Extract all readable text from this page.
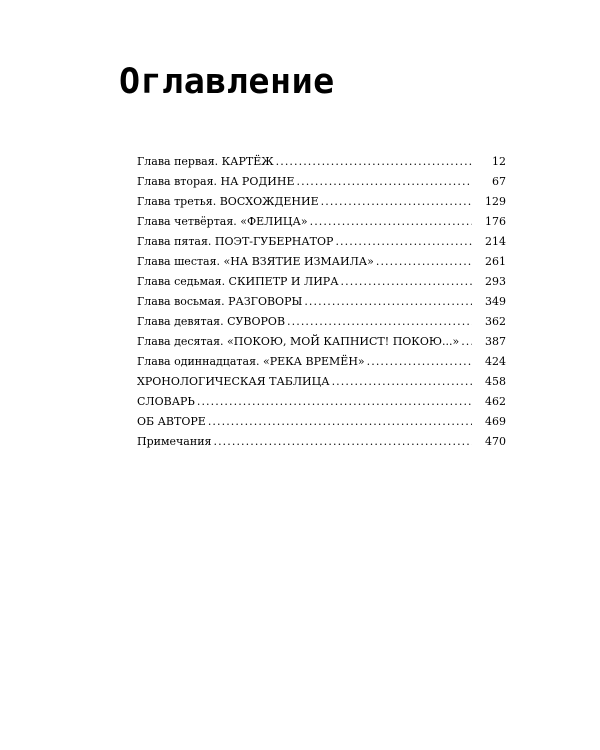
Оглавление
Глава первая. КАРТЁЖ .....	12
Глава вторая. НА РОДИНЕ .....	67
Глава третья. ВОСХОЖДЕНИЕ .....	129
Глава четвёртая. «ФЕЛИЦА» .....	176
Глава пятая. ПОЭТ-ГУБЕРНАТОР .....	214
Глава шестая. «НА ВЗЯТИЕ ИЗМАИЛА» .....	261
Глава седьмая. СКИПЕТР И ЛИРА .....	293
Глава восьмая. РАЗГОВОРЫ .....	349
Глава девятая. СУВОРОВ .....	362
Глава десятая. «ПОКОЮ, МОЙ КАПНИСТ! ПОКОЮ...» .....	387
Глава одиннадцатая. «РЕКА ВРЕМЁН» .....	424
ХРОНОЛОГИЧЕСКАЯ ТАБЛИЦА .....	458
СЛОВАРЬ .....	462
ОБ АВТОРЕ .....	469
Примечания .....	470
